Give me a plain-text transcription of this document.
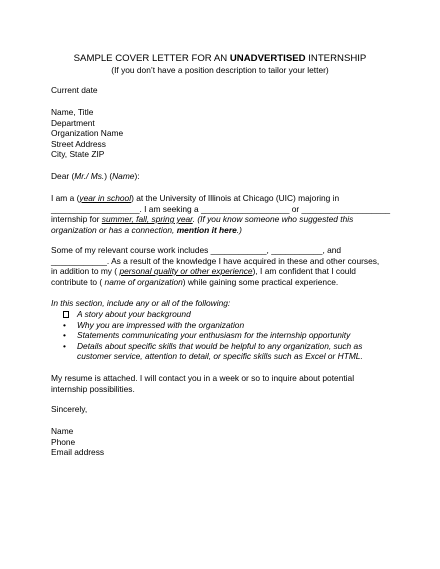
SAMPLE COVER LETTER FOR AN UNADVERTISED INTERNSHIP
(If you don’t have a position description to tailor your letter)
Current date
Name, Title
Department
Organization Name
Street Address
City, State ZIP
Dear (Mr./ Ms.) (Name):
I am a (year in school) at the University of Illinois at Chicago (UIC) majoring in
___________________. I am seeking a ___________________ or ___________________
internship for summer, fall, spring year. (If you know someone who suggested this
organization or has a connection, mention it here.)
Some of my relevant course work includes ____________, ___________, and
____________. As a result of the knowledge I have acquired in these and other courses,
in addition to my ( personal quality or other experience), I am confident that I could
contribute to ( name of organization) while gaining some practical experience.
In this section, include any or all of the following:
A story about your background
• Why you are impressed with the organization
• Statements communicating your enthusiasm for the internship opportunity
• Details about specific skills that would be helpful to any organization, such as
customer service, attention to detail, or specific skills such as Excel or HTML.
My resume is attached. I will contact you in a week or so to inquire about potential
internship possibilities.
Sincerely,
Name
Phone
Email address
